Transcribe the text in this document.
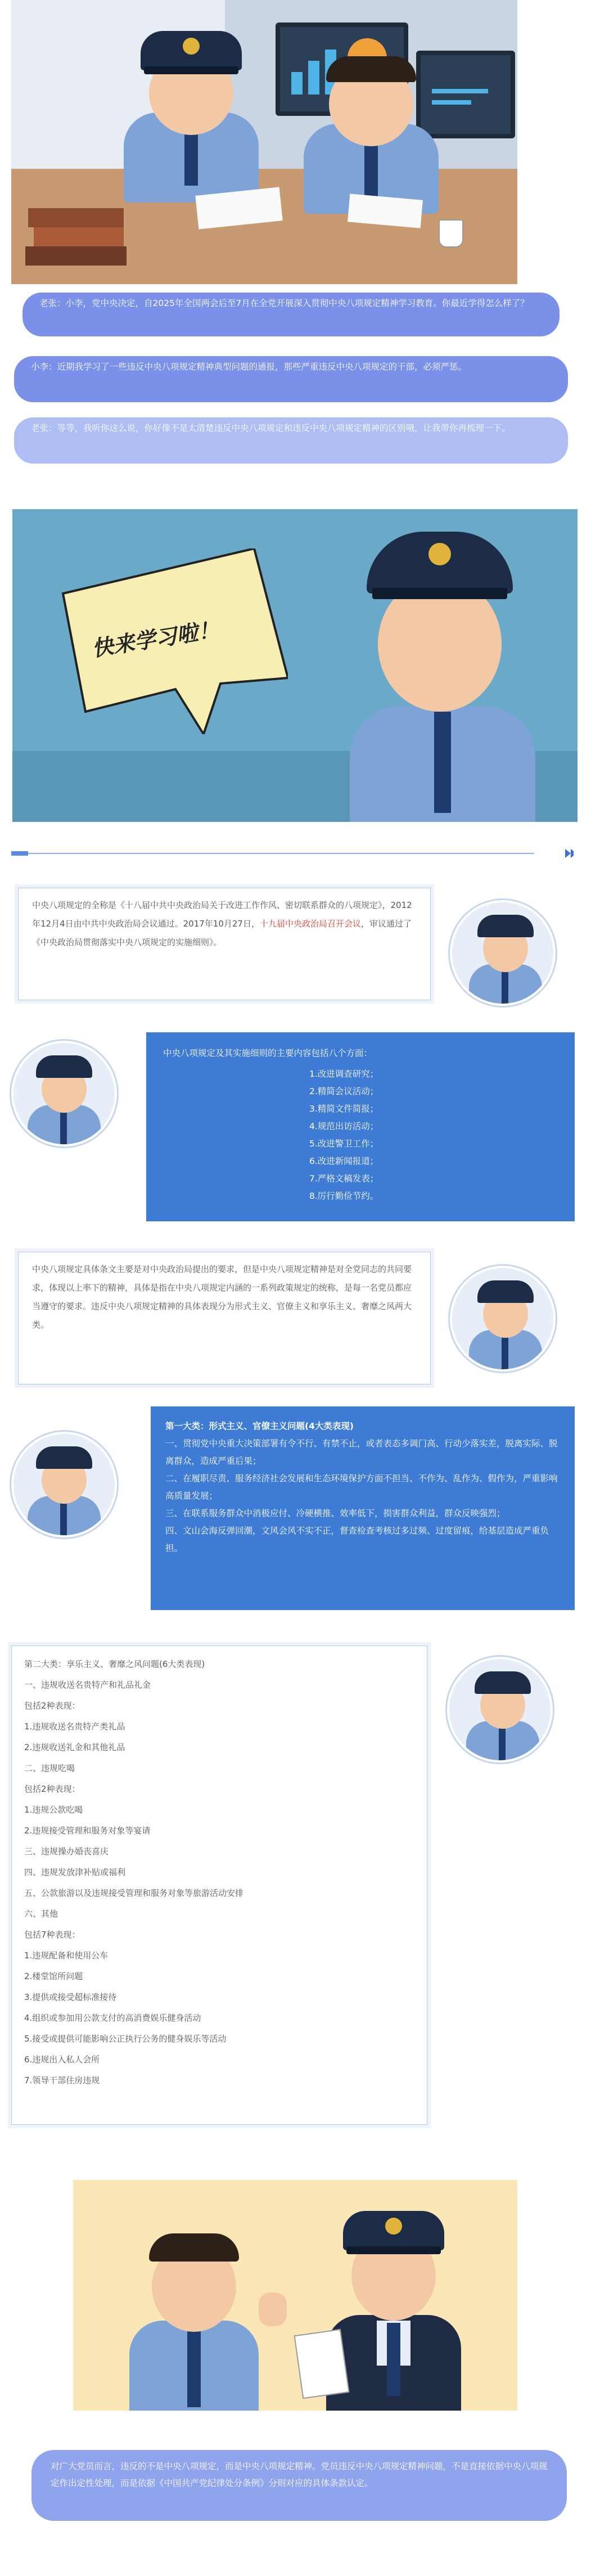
老张：小李，党中央决定，自2025年全国两会后至7月在全党开展深入贯彻中央八项规定精神学习教育。你最近学得怎么样了？
小李：近期我学习了一些违反中央八项规定精神典型问题的通报，那些严重违反中央八项规定的干部，必须严惩。
老张：等等，我听你这么说，你好像不是太清楚违反中央八项规定和违反中央八项规定精神的区别哦，让我带你再梳理一下。
快来学习啦！
中央八项规定的全称是《十八届中共中央政治局关于改进工作作风、密切联系群众的八项规定》，2012年12月4日由中共中央政治局会议通过。2017年10月27日，十九届中央政治局召开会议，审议通过了《中央政治局贯彻落实中央八项规定的实施细则》。
中央八项规定及其实施细则的主要内容包括八个方面：
1.改进调查研究；
2.精简会议活动；
3.精简文件简报；
4.规范出访活动；
5.改进警卫工作；
6.改进新闻报道；
7.严格文稿发表；
8.厉行勤俭节约。
中央八项规定具体条文主要是对中央政治局提出的要求，但是中央八项规定精神是对全党同志的共同要求，体现以上率下的精神，具体是指在中央八项规定内涵的一系列政策规定的统称，是每一名党员都应当遵守的要求。违反中央八项规定精神的具体表现分为形式主义、官僚主义和享乐主义、奢靡之风两大类。
第一大类：形式主义、官僚主义问题(4大类表现)
一、贯彻党中央重大决策部署有令不行、有禁不止，或者表态多调门高、行动少落实差，脱离实际、脱离群众，造成严重后果；
二、在履职尽责、服务经济社会发展和生态环境保护方面不担当、不作为、乱作为、假作为，严重影响高质量发展；
三、在联系服务群众中消极应付、冷硬横推、效率低下，损害群众利益，群众反映强烈；
四、文山会海反弹回潮，文风会风不实不正，督查检查考核过多过频、过度留痕，给基层造成严重负担。
第二大类：享乐主义、奢靡之风问题(6大类表现)
一、违规收送名贵特产和礼品礼金
包括2种表现：
1.违规收送名贵特产类礼品
2.违规收送礼金和其他礼品
二、违规吃喝
包括2种表现：
1.违规公款吃喝
2.违规接受管理和服务对象等宴请
三、违规操办婚丧喜庆
四、违规发放津补贴或福利
五、公款旅游以及违规接受管理和服务对象等旅游活动安排
六、其他
包括7种表现：
1.违规配备和使用公车
2.楼堂馆所问题
3.提供或接受超标准接待
4.组织或参加用公款支付的高消费娱乐健身活动
5.接受或提供可能影响公正执行公务的健身娱乐等活动
6.违规出入私人会所
7.领导干部住房违规
对广大党员而言，违反的不是中央八项规定，而是中央八项规定精神。党员违反中央八项规定精神问题，不是直接依据中央八项规定作出定性处理，而是依据《中国共产党纪律处分条例》分则对应的具体条款认定。
